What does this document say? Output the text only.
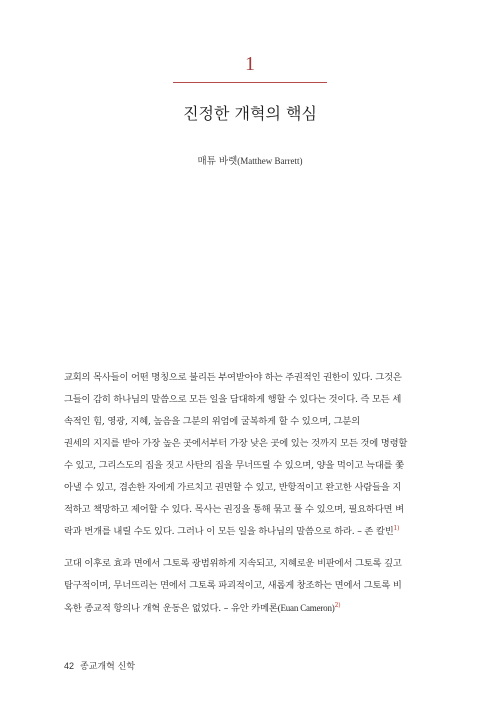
1
진정한 개혁의 핵심
매튜 바렛(Matthew Barrett)
교회의 목사들이 어떤 명칭으로 불리든 부여받아야 하는 주권적인 권한이 있다. 그것은
그들이 감히 하나님의 말씀으로 모든 일을 담대하게 행할 수 있다는 것이다. 즉 모든 세
속적인 힘, 영광, 지혜, 높음을 그분의 위엄에 굴복하게 할 수 있으며, 그분의
권세의 지지를 받아 가장 높은 곳에서부터 가장 낮은 곳에 있는 것까지 모든 것에 명령할
수 있고, 그리스도의 집을 짓고 사탄의 집을 무너뜨릴 수 있으며, 양을 먹이고 늑대를 쫓
아낼 수 있고, 겸손한 자에게 가르치고 권면할 수 있고, 반항적이고 완고한 사람들을 지
적하고 책망하고 제어할 수 있다. 목사는 권징을 통해 묶고 풀 수 있으며, 필요하다면 벼
락과 번개를 내릴 수도 있다. 그러나 이 모든 일을 하나님의 말씀으로 하라. – 존 칼빈$^{1)}$
고대 이후로 효과 면에서 그토록 광범위하게 지속되고, 지혜로운 비판에서 그토록 깊고
탐구적이며, 무너뜨리는 면에서 그토록 파괴적이고, 새롭게 창조하는 면에서 그토록 비
옥한 종교적 항의나 개혁 운동은 없었다. – 유안 카메론(Euan Cameron)$^{2)}$
42 종교개혁 신학
